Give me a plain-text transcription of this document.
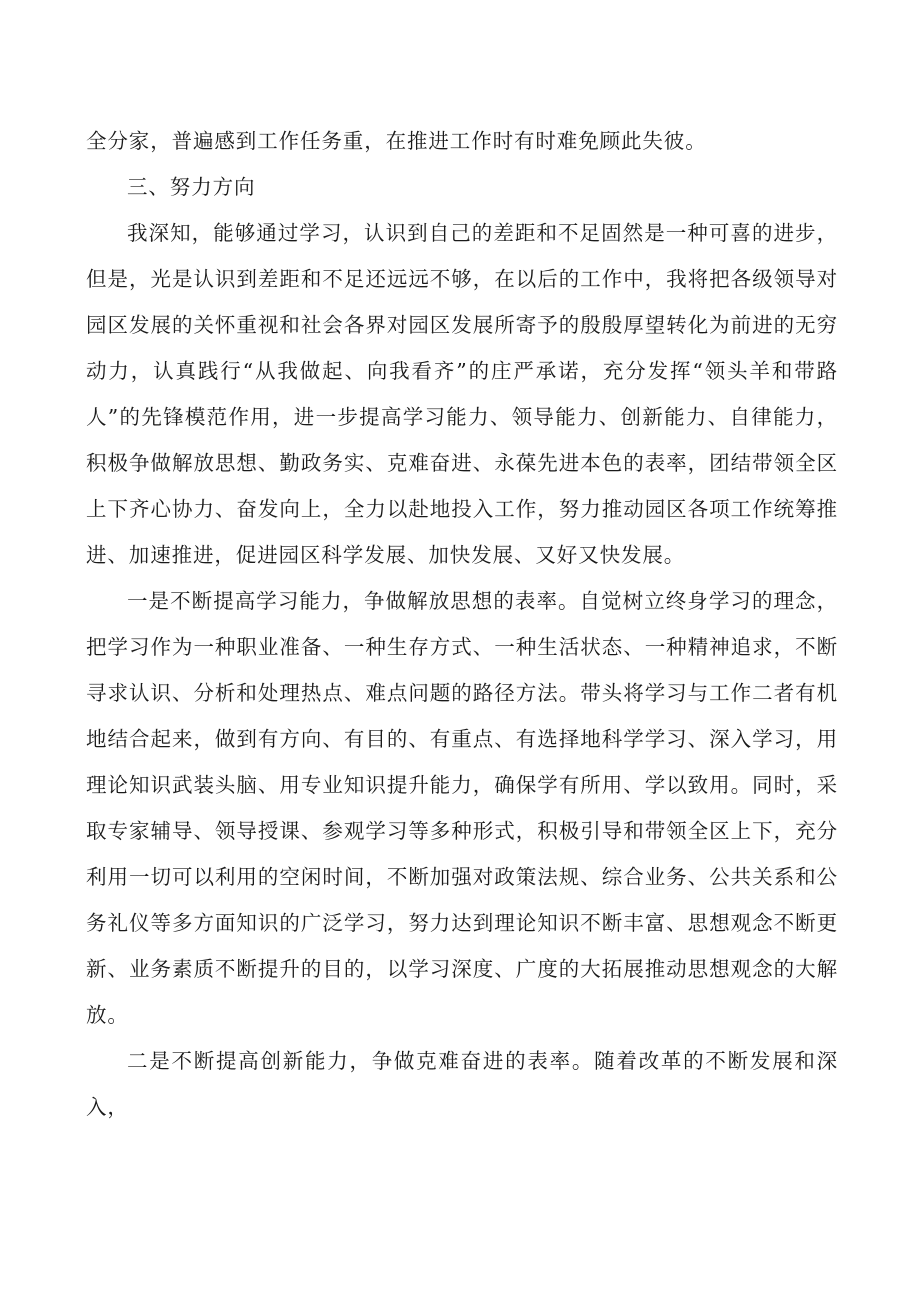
全分家，普遍感到工作任务重，在推进工作时有时难免顾此失彼。

三、努力方向

我深知，能够通过学习，认识到自己的差距和不足固然是一种可喜的进步，但是，光是认识到差距和不足还远远不够，在以后的工作中，我将把各级领导对园区发展的关怀重视和社会各界对园区发展所寄予的殷殷厚望转化为前进的无穷动力，认真践行“从我做起、向我看齐”的庄严承诺，充分发挥“领头羊和带路人”的先锋模范作用，进一步提高学习能力、领导能力、创新能力、自律能力，积极争做解放思想、勤政务实、克难奋进、永葆先进本色的表率，团结带领全区上下齐心协力、奋发向上，全力以赴地投入工作，努力推动园区各项工作统筹推进、加速推进，促进园区科学发展、加快发展、又好又快发展。

一是不断提高学习能力，争做解放思想的表率。自觉树立终身学习的理念，把学习作为一种职业准备、一种生存方式、一种生活状态、一种精神追求，不断寻求认识、分析和处理热点、难点问题的路径方法。带头将学习与工作二者有机地结合起来，做到有方向、有目的、有重点、有选择地科学学习、深入学习，用理论知识武装头脑、用专业知识提升能力，确保学有所用、学以致用。同时，采取专家辅导、领导授课、参观学习等多种形式，积极引导和带领全区上下，充分利用一切可以利用的空闲时间，不断加强对政策法规、综合业务、公共关系和公务礼仪等多方面知识的广泛学习，努力达到理论知识不断丰富、思想观念不断更新、业务素质不断提升的目的，以学习深度、广度的大拓展推动思想观念的大解放。

二是不断提高创新能力，争做克难奋进的表率。随着改革的不断发展和深入，
